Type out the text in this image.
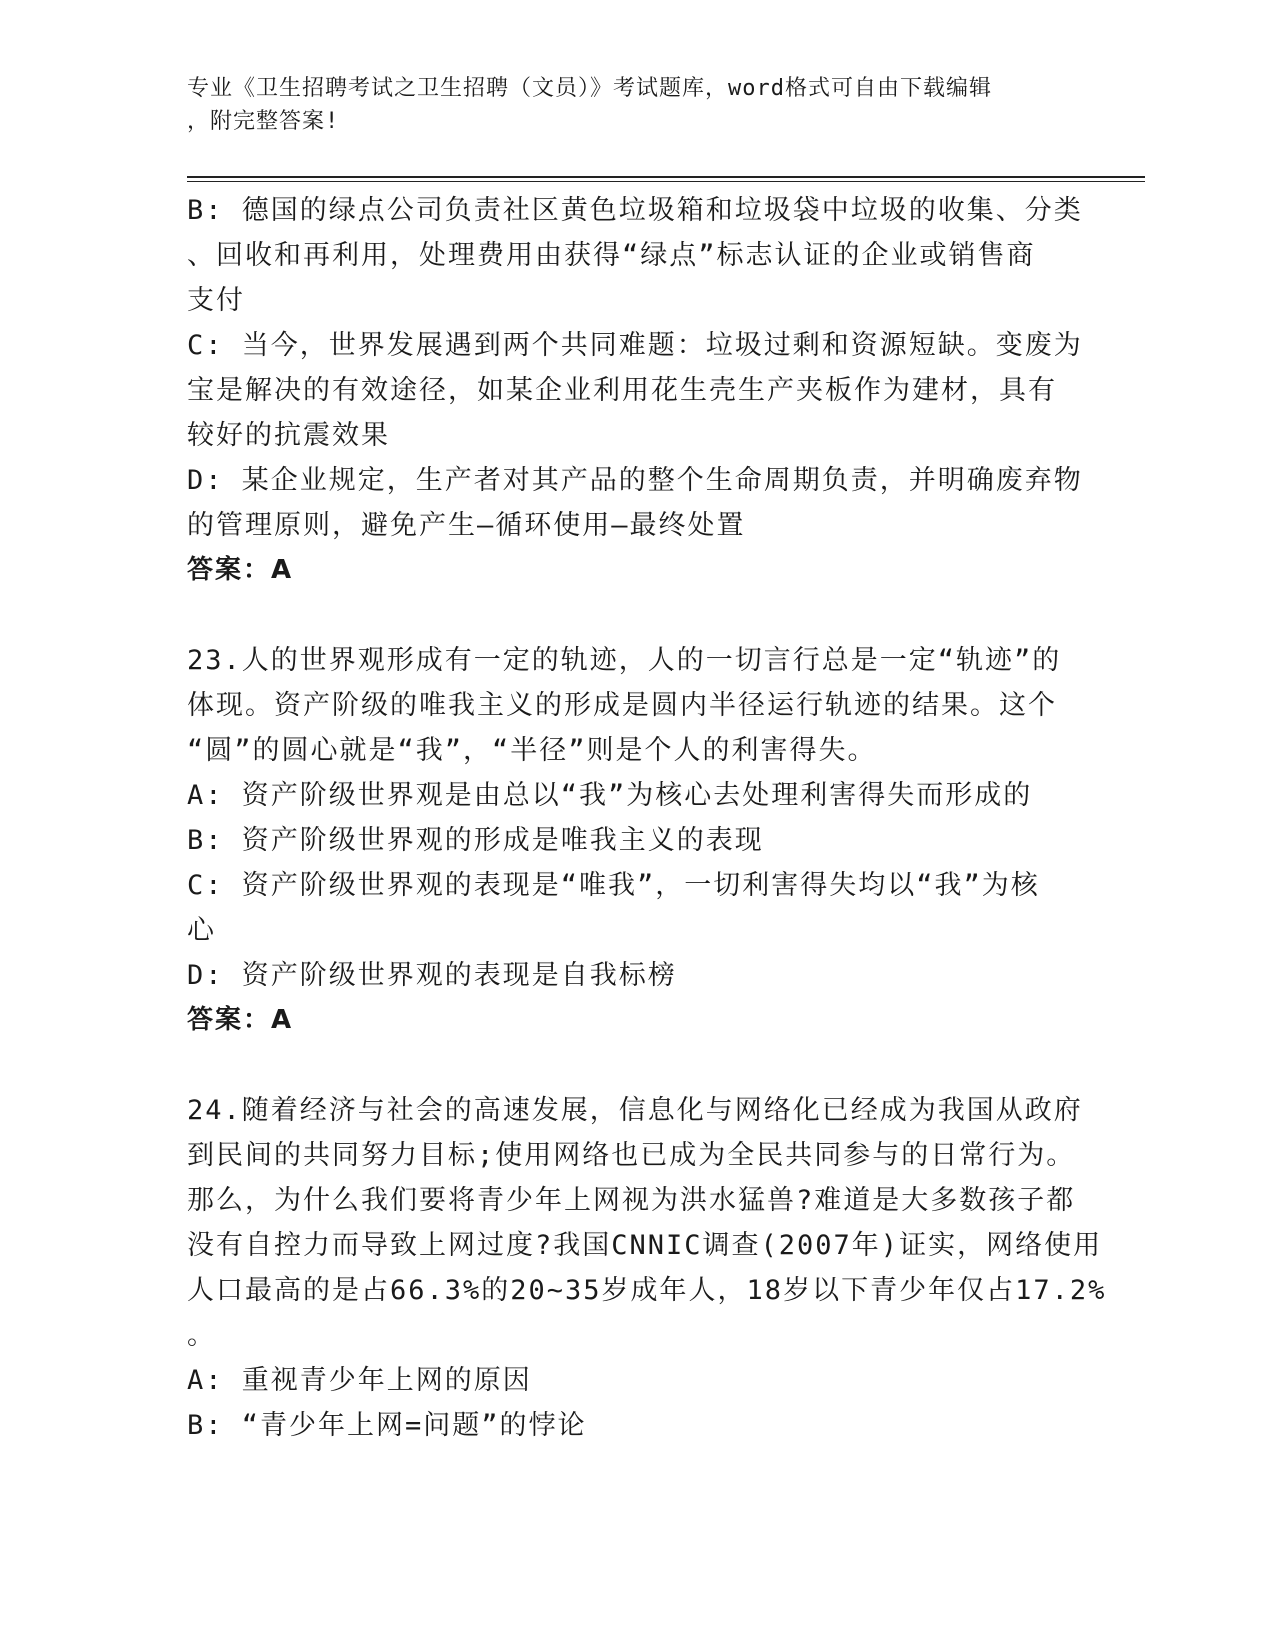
专业《卫生招聘考试之卫生招聘（文员）》考试题库，word格式可自由下载编辑
，附完整答案!
B: 德国的绿点公司负责社区黄色垃圾箱和垃圾袋中垃圾的收集、分类
、回收和再利用，处理费用由获得“绿点”标志认证的企业或销售商
支付
C: 当今，世界发展遇到两个共同难题：垃圾过剩和资源短缺。变废为
宝是解决的有效途径，如某企业利用花生壳生产夹板作为建材，具有
较好的抗震效果
D: 某企业规定，生产者对其产品的整个生命周期负责，并明确废弃物
的管理原则，避免产生—循环使用—最终处置
答案：A
23.人的世界观形成有一定的轨迹，人的一切言行总是一定“轨迹”的
体现。资产阶级的唯我主义的形成是圆内半径运行轨迹的结果。这个
“圆”的圆心就是“我”，“半径”则是个人的利害得失。
A: 资产阶级世界观是由总以“我”为核心去处理利害得失而形成的
B: 资产阶级世界观的形成是唯我主义的表现
C: 资产阶级世界观的表现是“唯我”，一切利害得失均以“我”为核
心
D: 资产阶级世界观的表现是自我标榜
答案：A
24.随着经济与社会的高速发展，信息化与网络化已经成为我国从政府
到民间的共同努力目标;使用网络也已成为全民共同参与的日常行为。
那么，为什么我们要将青少年上网视为洪水猛兽?难道是大多数孩子都
没有自控力而导致上网过度?我国CNNIC调查(2007年)证实，网络使用
人口最高的是占66.3%的20~35岁成年人，18岁以下青少年仅占17.2%
。
A: 重视青少年上网的原因
B: “青少年上网=问题”的悖论
